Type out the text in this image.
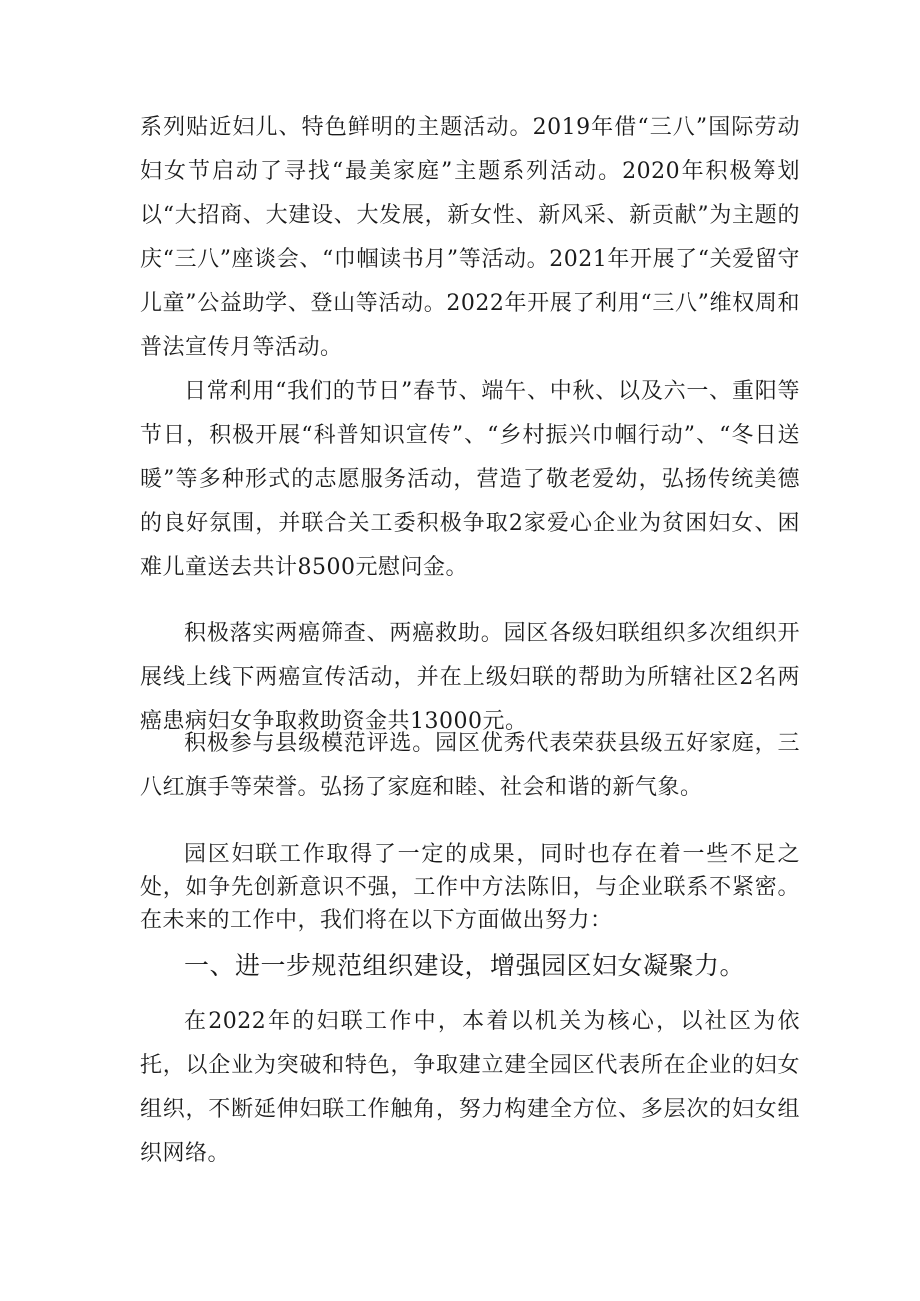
系列贴近妇儿、特色鲜明的主题活动。2019年借“三八”国际劳动妇女节启动了寻找“最美家庭”主题系列活动。2020年积极筹划以“大招商、大建设、大发展，新女性、新风采、新贡献”为主题的庆“三八”座谈会、“巾帼读书月”等活动。2021年开展了“关爱留守儿童”公益助学、登山等活动。2022年开展了利用“三八”维权周和普法宣传月等活动。

日常利用“我们的节日”春节、端午、中秋、以及六一、重阳等节日，积极开展“科普知识宣传”、“乡村振兴巾帼行动”、“冬日送暖”等多种形式的志愿服务活动，营造了敬老爱幼，弘扬传统美德的良好氛围，并联合关工委积极争取2家爱心企业为贫困妇女、困难儿童送去共计8500元慰问金。

积极落实两癌筛查、两癌救助。园区各级妇联组织多次组织开展线上线下两癌宣传活动，并在上级妇联的帮助为所辖社区2名两癌患病妇女争取救助资金共13000元。

积极参与县级模范评选。园区优秀代表荣获县级五好家庭，三八红旗手等荣誉。弘扬了家庭和睦、社会和谐的新气象。

园区妇联工作取得了一定的成果，同时也存在着一些不足之处，如争先创新意识不强，工作中方法陈旧，与企业联系不紧密。在未来的工作中，我们将在以下方面做出努力：

一、进一步规范组织建设，增强园区妇女凝聚力。

在2022年的妇联工作中，本着以机关为核心，以社区为依托，以企业为突破和特色，争取建立建全园区代表所在企业的妇女组织，不断延伸妇联工作触角，努力构建全方位、多层次的妇女组织网络。
